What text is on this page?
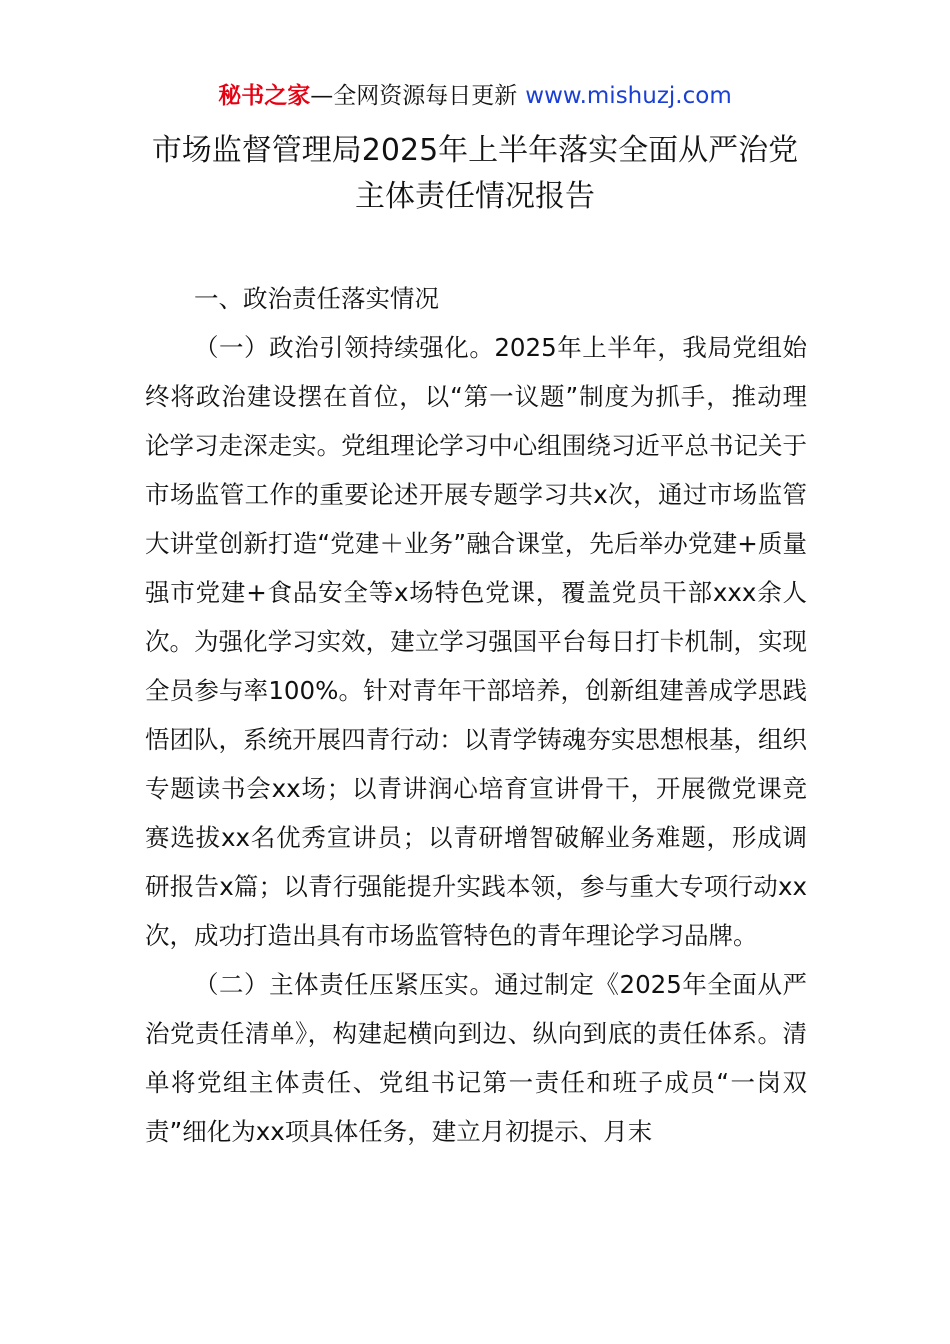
秘书之家—全网资源每日更新 www.mishuzj.com
市场监督管理局2025年上半年落实全面从严治党主体责任情况报告
一、政治责任落实情况

（一）政治引领持续强化。2025年上半年，我局党组始终将政治建设摆在首位，以“第一议题”制度为抓手，推动理论学习走深走实。党组理论学习中心组围绕习近平总书记关于市场监管工作的重要论述开展专题学习共x次，通过市场监管大讲堂创新打造“党建＋业务”融合课堂，先后举办党建+质量强市党建+食品安全等x场特色党课，覆盖党员干部xxx余人次。为强化学习实效，建立学习强国平台每日打卡机制，实现全员参与率100%。针对青年干部培养，创新组建善成学思践悟团队，系统开展四青行动：以青学铸魂夯实思想根基，组织专题读书会xx场；以青讲润心培育宣讲骨干，开展微党课竞赛选拔xx名优秀宣讲员；以青研增智破解业务难题，形成调研报告x篇；以青行强能提升实践本领，参与重大专项行动xx次，成功打造出具有市场监管特色的青年理论学习品牌。

（二）主体责任压紧压实。通过制定《2025年全面从严治党责任清单》，构建起横向到边、纵向到底的责任体系。清单将党组主体责任、党组书记第一责任和班子成员“一岗双责”细化为xx项具体任务，建立月初提示、月末
